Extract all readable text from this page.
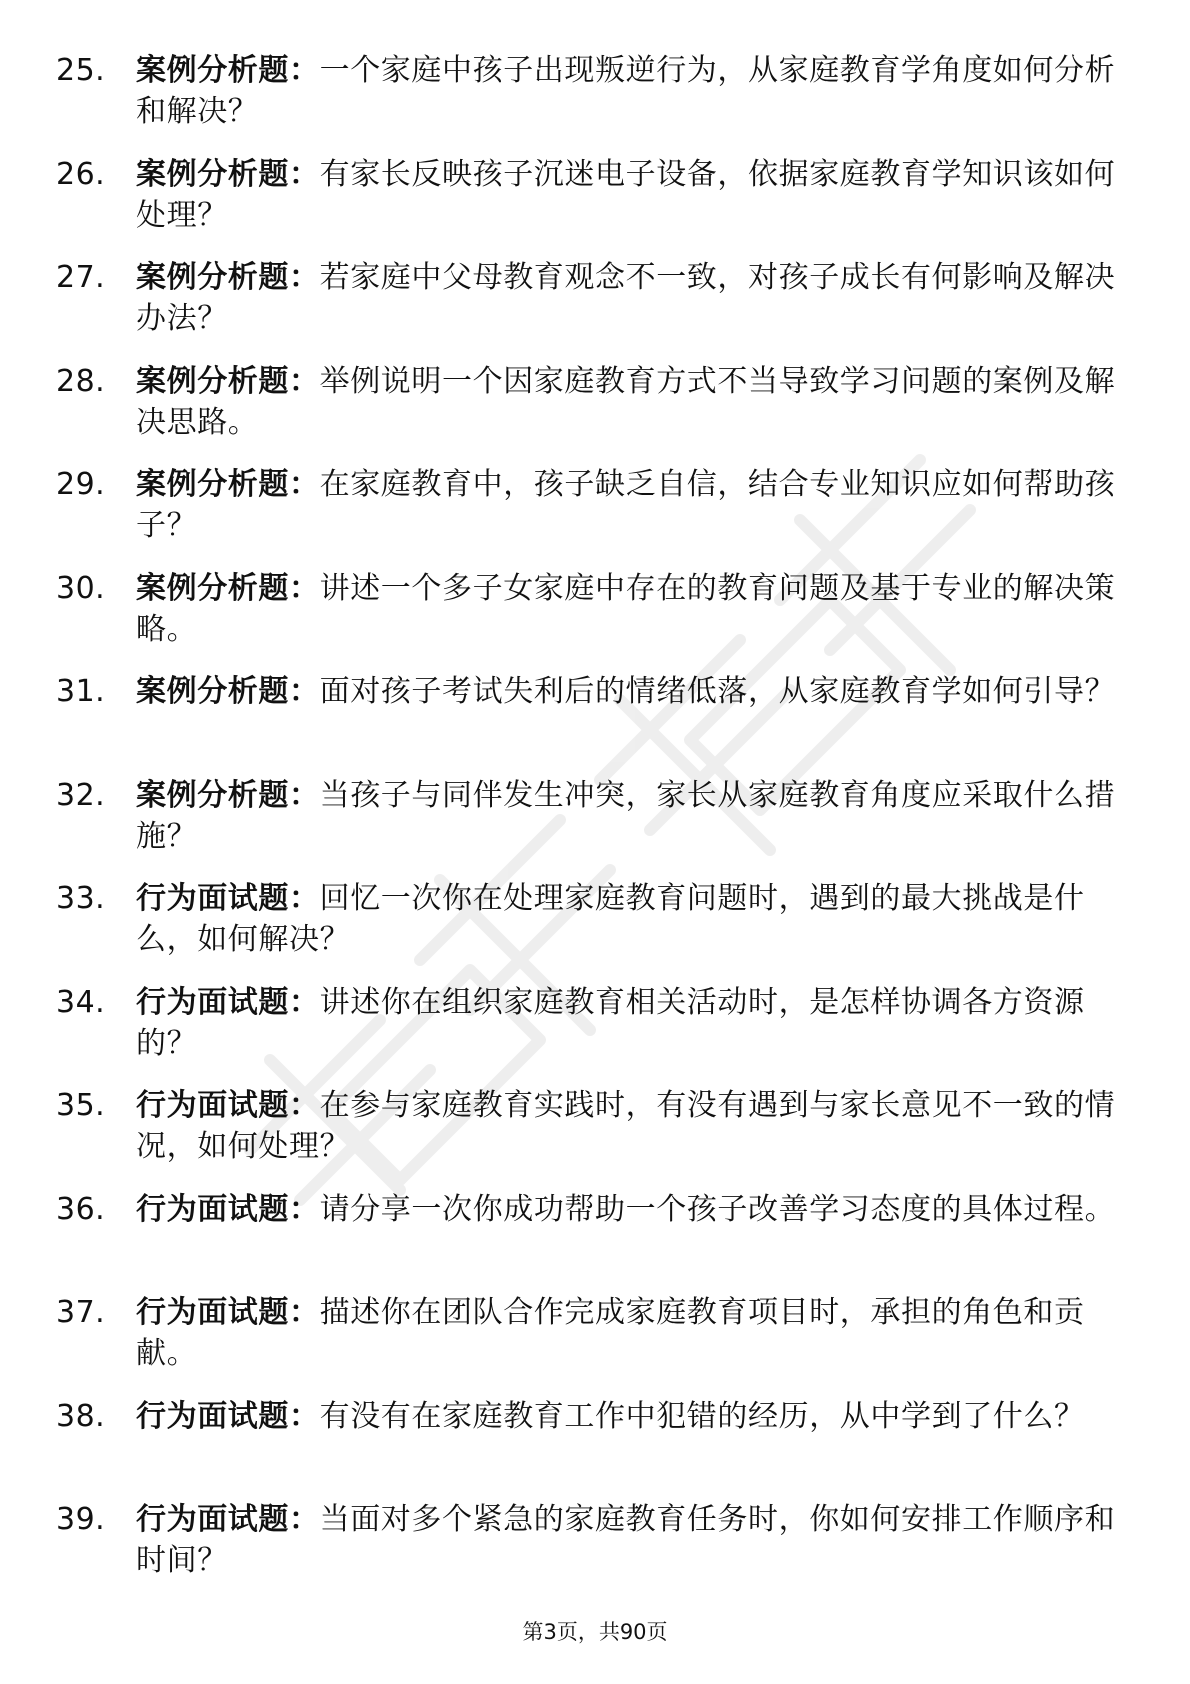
25.	案例分析题：一个家庭中孩子出现叛逆行为，从家庭教育学角度如何分析和解决？
26.	案例分析题：有家长反映孩子沉迷电子设备，依据家庭教育学知识该如何处理？
27.	案例分析题：若家庭中父母教育观念不一致，对孩子成长有何影响及解决办法？
28.	案例分析题：举例说明一个因家庭教育方式不当导致学习问题的案例及解决思路。
29.	案例分析题：在家庭教育中，孩子缺乏自信，结合专业知识应如何帮助孩子？
30.	案例分析题：讲述一个多子女家庭中存在的教育问题及基于专业的解决策略。
31.	案例分析题：面对孩子考试失利后的情绪低落，从家庭教育学如何引导？
32.	案例分析题：当孩子与同伴发生冲突，家长从家庭教育角度应采取什么措施？
33.	行为面试题：回忆一次你在处理家庭教育问题时，遇到的最大挑战是什么，如何解决？
34.	行为面试题：讲述你在组织家庭教育相关活动时，是怎样协调各方资源的？
35.	行为面试题：在参与家庭教育实践时，有没有遇到与家长意见不一致的情况，如何处理？
36.	行为面试题：请分享一次你成功帮助一个孩子改善学习态度的具体过程。
37.	行为面试题：描述你在团队合作完成家庭教育项目时，承担的角色和贡献。
38.	行为面试题：有没有在家庭教育工作中犯错的经历，从中学到了什么？
39.	行为面试题：当面对多个紧急的家庭教育任务时，你如何安排工作顺序和时间？
第3页，共90页
